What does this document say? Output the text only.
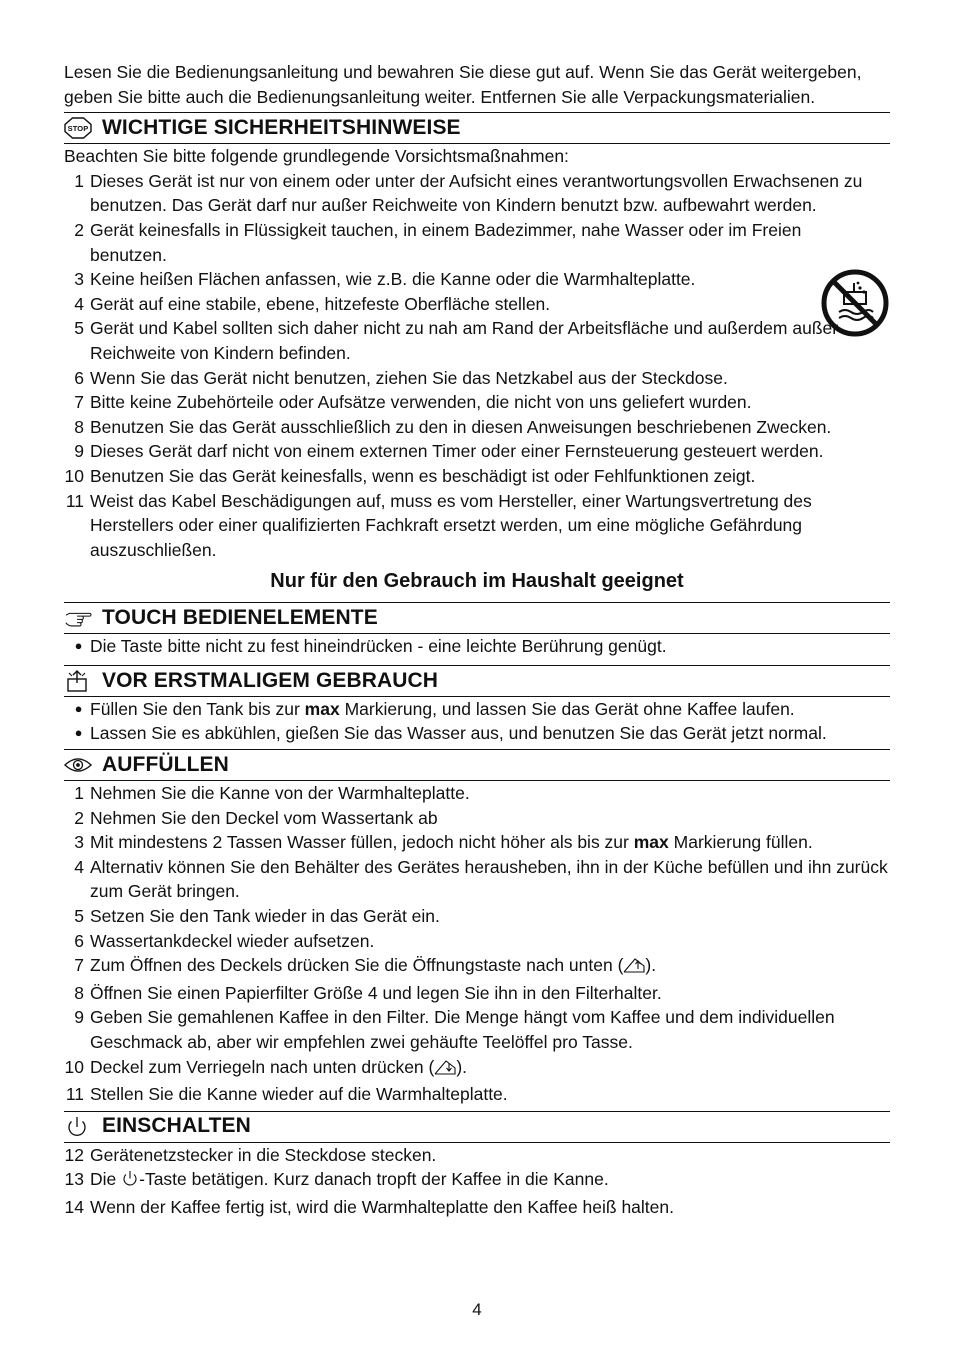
Lesen Sie die Bedienungsanleitung und bewahren Sie diese gut auf. Wenn Sie das Gerät weitergeben, geben Sie bitte auch die Bedienungsanleitung weiter. Entfernen Sie alle Verpackungsmaterialien.

STOP WICHTIGE SICHERHEITSHINWEISE

Beachten Sie bitte folgende grundlegende Vorsichtsmaßnahmen:

1 Dieses Gerät ist nur von einem oder unter der Aufsicht eines verantwortungsvollen Erwachsenen zu benutzen. Das Gerät darf nur außer Reichweite von Kindern benutzt bzw. aufbewahrt werden.
2 Gerät keinesfalls in Flüssigkeit tauchen, in einem Badezimmer, nahe Wasser oder im Freien benutzen.
3 Keine heißen Flächen anfassen, wie z.B. die Kanne oder die Warmhalteplatte.
4 Gerät auf eine stabile, ebene, hitzefeste Oberfläche stellen.
5 Gerät und Kabel sollten sich daher nicht zu nah am Rand der Arbeitsfläche und außerdem außer Reichweite von Kindern befinden.
6 Wenn Sie das Gerät nicht benutzen, ziehen Sie das Netzkabel aus der Steckdose.
7 Bitte keine Zubehörteile oder Aufsätze verwenden, die nicht von uns geliefert wurden.
8 Benutzen Sie das Gerät ausschließlich zu den in diesen Anweisungen beschriebenen Zwecken.
9 Dieses Gerät darf nicht von einem externen Timer oder einer Fernsteuerung gesteuert werden.
10 Benutzen Sie das Gerät keinesfalls, wenn es beschädigt ist oder Fehlfunktionen zeigt.
11 Weist das Kabel Beschädigungen auf, muss es vom Hersteller, einer Wartungsvertretung des Herstellers oder einer qualifizierten Fachkraft ersetzt werden, um eine mögliche Gefährdung auszuschließen.

Nur für den Gebrauch im Haushalt geeignet

TOUCH BEDIENELEMENTE
● Die Taste bitte nicht zu fest hineindrücken - eine leichte Berührung genügt.
VOR ERSTMALIGEM GEBRAUCH
● Füllen Sie den Tank bis zur max Markierung, und lassen Sie das Gerät ohne Kaffee laufen.
● Lassen Sie es abkühlen, gießen Sie das Wasser aus, und benutzen Sie das Gerät jetzt normal.
AUFFÜLLEN
1 Nehmen Sie die Kanne von der Warmhalteplatte.
2 Nehmen Sie den Deckel vom Wassertank ab
3 Mit mindestens 2 Tassen Wasser füllen, jedoch nicht höher als bis zur max Markierung füllen.
4 Alternativ können Sie den Behälter des Gerätes herausheben, ihn in der Küche befüllen und ihn zurück zum Gerät bringen.
5 Setzen Sie den Tank wieder in das Gerät ein.
6 Wassertankdeckel wieder aufsetzen.
7 Zum Öffnen des Deckels drücken Sie die Öffnungstaste nach unten ( ).
8 Öffnen Sie einen Papierfilter Größe 4 und legen Sie ihn in den Filterhalter.
9 Geben Sie gemahlenen Kaffee in den Filter. Die Menge hängt vom Kaffee und dem individuellen Geschmack ab, aber wir empfehlen zwei gehäufte Teelöffel pro Tasse.
10 Deckel zum Verriegeln nach unten drücken ( ).
11 Stellen Sie die Kanne wieder auf die Warmhalteplatte.
EINSCHALTEN
12 Gerätenetzstecker in die Steckdose stecken.
13 Die -Taste betätigen. Kurz danach tropft der Kaffee in die Kanne.
14 Wenn der Kaffee fertig ist, wird die Warmhalteplatte den Kaffee heiß halten.
4
